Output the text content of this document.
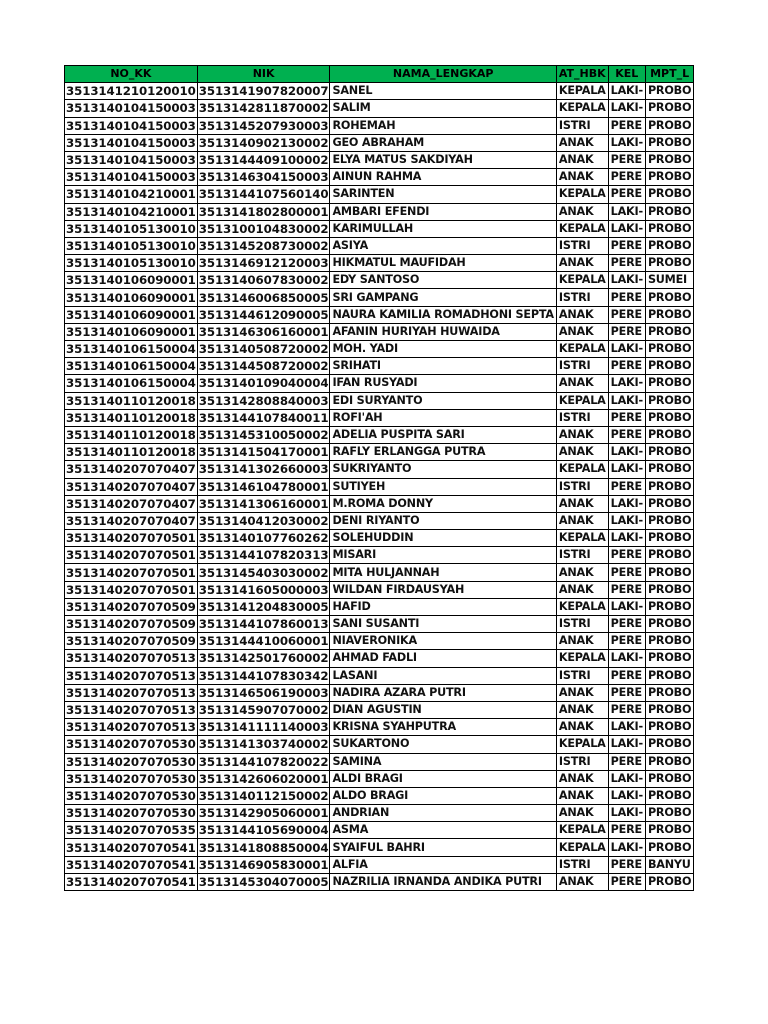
NO_KK	NIK	NAMA_LENGKAP	AT_HBK	KEL	MPT_L
3513141210120010	3513141907820007	SANEL	KEPALA	LAKI-	PROBO
3513140104150003	3513142811870002	SALIM	KEPALA	LAKI-	PROBO
3513140104150003	3513145207930003	ROHEMAH	ISTRI	PERE	PROBO
3513140104150003	3513140902130002	GEO ABRAHAM	ANAK	LAKI-	PROBO
3513140104150003	3513144409100002	ELYA MATUS SAKDIYAH	ANAK	PERE	PROBO
3513140104150003	3513146304150003	AINUN RAHMA	ANAK	PERE	PROBO
3513140104210001	3513144107560140	SARINTEN	KEPALA	PERE	PROBO
3513140104210001	3513141802800001	AMBARI EFENDI	ANAK	LAKI-	PROBO
3513140105130010	3513100104830002	KARIMULLAH	KEPALA	LAKI-	PROBO
3513140105130010	3513145208730002	ASIYA	ISTRI	PERE	PROBO
3513140105130010	3513146912120003	HIKMATUL MAUFIDAH	ANAK	PERE	PROBO
3513140106090001	3513140607830002	EDY SANTOSO	KEPALA	LAKI-	SUMEI
3513140106090001	3513146006850005	SRI GAMPANG	ISTRI	PERE	PROBO
3513140106090001	3513144612090005	NAURA KAMILIA ROMADHONI SEPTA	ANAK	PERE	PROBO
3513140106090001	3513146306160001	AFANIN HURIYAH HUWAIDA	ANAK	PERE	PROBO
3513140106150004	3513140508720002	MOH. YADI	KEPALA	LAKI-	PROBO
3513140106150004	3513144508720002	SRIHATI	ISTRI	PERE	PROBO
3513140106150004	3513140109040004	IFAN RUSYADI	ANAK	LAKI-	PROBO
3513140110120018	3513142808840003	EDI SURYANTO	KEPALA	LAKI-	PROBO
3513140110120018	3513144107840011	ROFI'AH	ISTRI	PERE	PROBO
3513140110120018	3513145310050002	ADELIA PUSPITA SARI	ANAK	PERE	PROBO
3513140110120018	3513141504170001	RAFLY ERLANGGA PUTRA	ANAK	LAKI-	PROBO
3513140207070407	3513141302660003	SUKRIYANTO	KEPALA	LAKI-	PROBO
3513140207070407	3513146104780001	SUTIYEH	ISTRI	PERE	PROBO
3513140207070407	3513141306160001	M.ROMA DONNY	ANAK	LAKI-	PROBO
3513140207070407	3513140412030002	DENI RIYANTO	ANAK	LAKI-	PROBO
3513140207070501	3513140107760262	SOLEHUDDIN	KEPALA	LAKI-	PROBO
3513140207070501	3513144107820313	MISARI	ISTRI	PERE	PROBO
3513140207070501	3513145403030002	MITA HULJANNAH	ANAK	PERE	PROBO
3513140207070501	3513141605000003	WILDAN FIRDAUSYAH	ANAK	PERE	PROBO
3513140207070509	3513141204830005	HAFID	KEPALA	LAKI-	PROBO
3513140207070509	3513144107860013	SANI SUSANTI	ISTRI	PERE	PROBO
3513140207070509	3513144410060001	NIAVERONIKA	ANAK	PERE	PROBO
3513140207070513	3513142501760002	AHMAD FADLI	KEPALA	LAKI-	PROBO
3513140207070513	3513144107830342	LASANI	ISTRI	PERE	PROBO
3513140207070513	3513146506190003	NADIRA AZARA PUTRI	ANAK	PERE	PROBO
3513140207070513	3513145907070002	DIAN AGUSTIN	ANAK	PERE	PROBO
3513140207070513	3513141111140003	KRISNA SYAHPUTRA	ANAK	LAKI-	PROBO
3513140207070530	3513141303740002	SUKARTONO	KEPALA	LAKI-	PROBO
3513140207070530	3513144107820022	SAMINA	ISTRI	PERE	PROBO
3513140207070530	3513142606020001	ALDI BRAGI	ANAK	LAKI-	PROBO
3513140207070530	3513140112150002	ALDO BRAGI	ANAK	LAKI-	PROBO
3513140207070530	3513142905060001	ANDRIAN	ANAK	LAKI-	PROBO
3513140207070535	3513144105690004	ASMA	KEPALA	PERE	PROBO
3513140207070541	3513141808850004	SYAIFUL BAHRI	KEPALA	LAKI-	PROBO
3513140207070541	3513146905830001	ALFIA	ISTRI	PERE	BANYU
3513140207070541	3513145304070005	NAZRILIA IRNANDA ANDIKA PUTRI	ANAK	PERE	PROBO
